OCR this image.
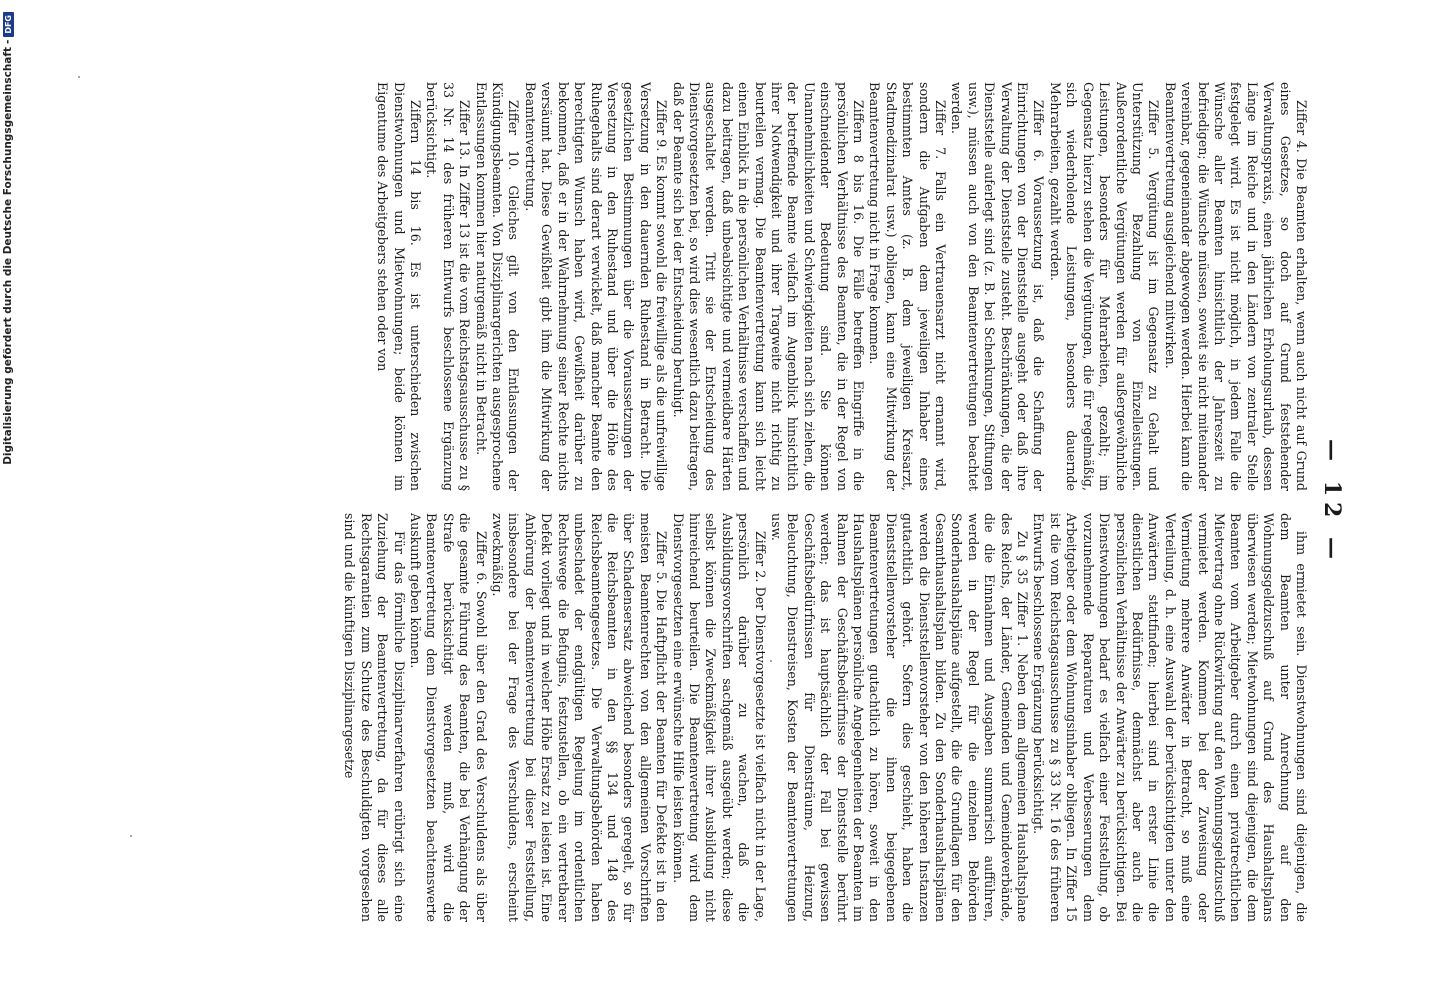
— 12 —

Ziffer 4. Die Beamten erhalten, wenn auch nicht auf Grund eines Gesetzes, so doch auf Grund feststehender Verwaltungspraxis, einen jährlichen Erholungsurlaub, dessen Länge im Reiche und in den Ländern von zentraler Stelle festgelegt wird. Es ist nicht möglich, in jedem Falle die Wünsche aller Beamten hinsichtlich der Jahreszeit zu befriedigen; die Wünsche müssen, soweit sie nicht miteinander vereinbar, gegeneinander abgewogen werden. Hierbei kann die Beamtenvertretung ausgleichend mitwirken.

Ziffer 5. Vergütung ist im Gegensatz zu Gehalt und Unterstützung Bezahlung von Einzelleistungen. Außerordentliche Vergütungen werden für außergewöhnliche Leistungen, besonders für Mehrarbeiten, gezahlt; im Gegensatz hierzu stehen die Vergütungen, die für regelmäßig, sich wiederholende Leistungen, besonders dauernde Mehrarbeiten, gezahlt werden.

Ziffer 6. Voraussetzung ist, daß die Schaffung der Einrichtungen von der Dienststelle ausgeht oder daß ihre Verwaltung der Dienststelle zusteht. Beschränkungen, die der Dienststelle auferlegt sind (z. B. bei Schenkungen, Stiftungen usw.), müssen auch von den Beamtenvertretungen beachtet werden.

Ziffer 7. Falls ein Vertrauensarzt nicht ernannt wird, sondern die Aufgaben dem jeweiligen Inhaber eines bestimmten Amtes (z. B. dem jeweiligen Kreisarzt, Stadtmedizinalrat usw.) obliegen, kann eine Mitwirkung der Beamtenvertretung nicht in Frage kommen.

Ziffern 8 bis 16. Die Fälle betreffen Eingriffe in die persönlichen Verhältnisse des Beamten, die in der Regel von einschneidender Bedeutung sind. Sie können Unannehmlichkeiten und Schwierigkeiten nach sich ziehen, die der betreffende Beamte vielfach im Augenblick hinsichtlich ihrer Notwendigkeit und ihrer Tragweite nicht richtig zu beurteilen vermag. Die Beamtenvertretung kann sich leicht einen Einblick in die persönlichen Verhältnisse verschaffen und dazu beitragen, daß unbeabsichtigte und vermeidbare Härten ausgeschaltet werden. Tritt sie der Entscheidung des Dienstvorgesetzten bei, so wird dies wesentlich dazu beitragen, daß der Beamte sich bei der Entscheidung beruhigt.

Ziffer 9. Es kommt sowohl die freiwillige als die unfreiwillige Versetzung in den dauernden Ruhestand in Betracht. Die gesetzlichen Bestimmungen über die Voraussetzungen der Versetzung in den Ruhestand und über die Höhe des Ruhegehalts sind derart verwickelt, daß mancher Beamte den berechtigten Wunsch haben wird, Gewißheit darüber zu bekommen, daß er in der Wahrnehmung seiner Rechte nichts versäumt hat. Diese Gewißheit gibt ihm die Mitwirkung der Beamtenvertretung.

Ziffer 10. Gleiches gilt von den Entlassungen der Kündigungsbeamten. Von Disziplinargerichten ausgesprochene Entlassungen kommen hier naturgemäß nicht in Betracht.

Ziffer 13. In Ziffer 13 ist die vom Reichstagsausschusse zu § 33 Nr. 14 des früheren Entwurfs beschlossene Ergänzung berücksichtigt.

Ziffern 14 bis 16. Es ist unterschieden zwischen Dienstwohnungen und Mietwohnungen; beide können im Eigentume des Arbeitgebers stehen oder von

ihm ermietet sein. Dienstwohnungen sind diejenigen, die dem Beamten unter Anrechnung auf den Wohnungsgeldzuschuß auf Grund des Haushaltsplans überwiesen werden; Mietwohnungen sind diejenigen, die dem Beamten vom Arbeitgeber durch einen privatrechtlichen Mietvertrag ohne Rückwirkung auf den Wohnungsgeldzuschuß vermietet werden. Kommen bei der Zuweisung oder Vermietung mehrere Anwärter in Betracht, so muß eine Verteilung, d. h. eine Auswahl der berücksichtigten unter den Anwärtern stattfinden; hierbei sind in erster Linie die dienstlichen Bedürfnisse, demnächst aber auch die persönlichen Verhältnisse der Anwärter zu berücksichtigen. Bei Dienstwohnungen bedarf es vielfach einer Feststellung, ob vorzunehmende Reparaturen und Verbesserungen dem Arbeitgeber oder dem Wohnungsinhaber obliegen. In Ziffer 15 ist die vom Reichstagsausschusse zu § 33 Nr. 16 des früheren Entwurfs beschlossene Ergänzung berücksichtigt.

Zu § 35 Ziffer 1. Neben dem allgemeinen Haushaltsplane des Reichs, der Länder, Gemeinden und Gemeindeverbände, die die Einnahmen und Ausgaben summarisch aufführen, werden in der Regel für die einzelnen Behörden Sonderhaushaltspläne aufgestellt, die die Grundlagen für den Gesamthaushaltsplan bilden. Zu den Sonderhaushaltsplänen werden die Dienststellenvorsteher von den höheren Instanzen gutachtlich gehört. Sofern dies geschieht, haben die Dienststellenvorsteher die ihnen beigegebenen Beamtenvertretungen gutachtlich zu hören, soweit in den Haushaltsplänen persönliche Angelegenheiten der Beamten im Rahmen der Geschäftsbedürfnisse der Dienststelle berührt werden; das ist hauptsächlich der Fall bei gewissen Geschäftsbedürfnissen für Diensträume, Heizung, Beleuchtung, Dienstreisen, Kosten der Beamtenvertretungen usw.

Ziffer 2. Der Dienstvorgesetzte ist vielfach nicht in der Lage, persönlich darüber zu wachen, daß die Ausbildungsvorschriften sachgemäß ausgeübt werden; diese selbst können die Zweckmäßigkeit ihrer Ausbildung nicht hinreichend beurteilen. Die Beamtenvertretung wird dem Dienstvorgesetzten eine erwünschte Hilfe leisten können.

Ziffer 5. Die Haftpflicht der Beamten für Defekte ist in den meisten Beamtenrechten von den allgemeinen Vorschriften über Schadensersatz abweichend besonders geregelt, so für die Reichsbeamten in den §§ 134 und 148 des Reichsbeamtengesetzes. Die Verwaltungsbehörden haben unbeschadet der endgültigen Regelung im ordentlichen Rechtswege die Befugnis, festzustellen, ob ein vertretbarer Defekt vorliegt und in welcher Höhe Ersatz zu leisten ist. Eine Anhörung der Beamtenvertretung bei dieser Feststellung, insbesondere bei der Frage des Verschuldens, erscheint zweckmäßig.

Ziffer 6. Sowohl über den Grad des Verschuldens als über die gesamte Führung des Beamten, die bei Verhängung der Strafe berücksichtigt werden muß, wird die Beamtenvertretung dem Dienstvorgesetzten beachtenswerte Auskunft geben können.

Für das förmliche Disziplinarverfahren erübrigt sich eine Zuziehung der Beamtenvertretung, da für dieses alle Rechtsgarantien zum Schutze des Beschuldigten vorgesehen sind und die künftigen Disziplinargesetze

Digitalisierung gefördert durch die Deutsche Forschungsgemeinschaft
-
DFG
